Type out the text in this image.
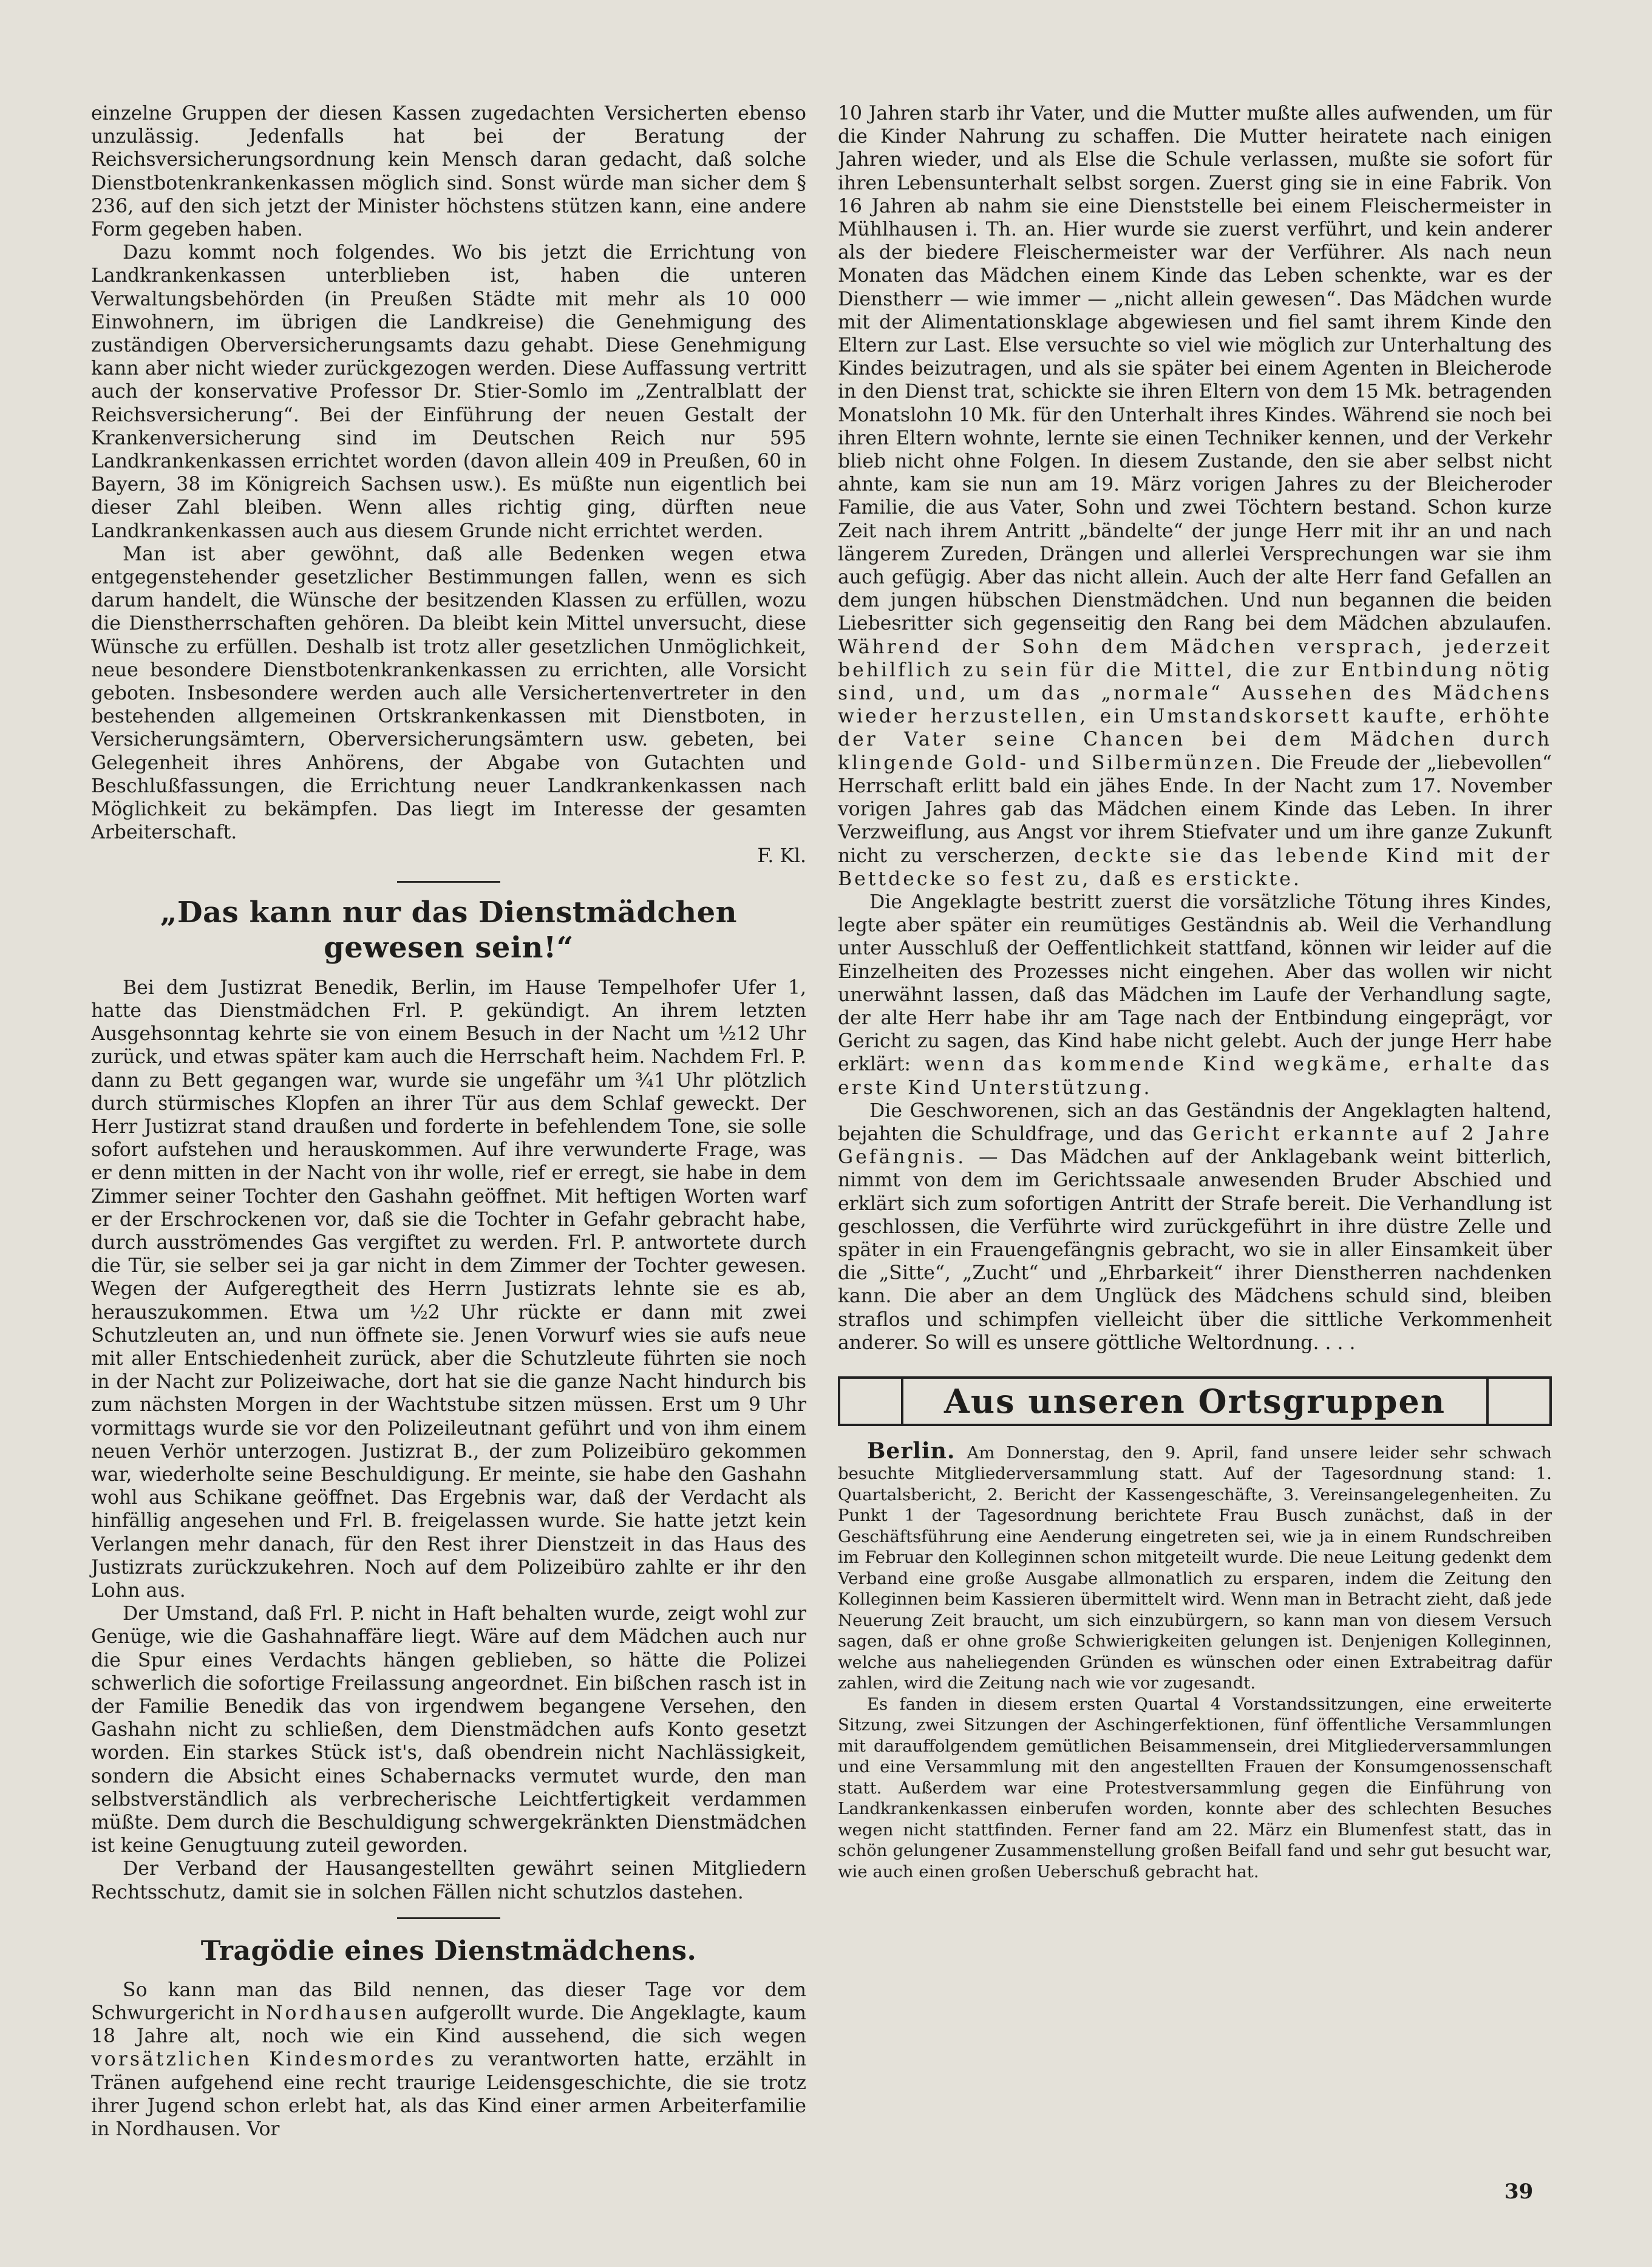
einzelne Gruppen der diesen Kassen zugedachten Versicherten ebenso unzulässig. Jedenfalls hat bei der Beratung der Reichsversicherungsordnung kein Mensch daran gedacht, daß solche Dienstbotenkrankenkassen möglich sind. Sonst würde man sicher dem § 236, auf den sich jetzt der Minister höchstens stützen kann, eine andere Form gegeben haben.

Dazu kommt noch folgendes. Wo bis jetzt die Errichtung von Landkrankenkassen unterblieben ist, haben die unteren Verwaltungsbehörden (in Preußen Städte mit mehr als 10 000 Einwohnern, im übrigen die Landkreise) die Genehmigung des zuständigen Oberversicherungsamts dazu gehabt. Diese Genehmigung kann aber nicht wieder zurückgezogen werden. Diese Auffassung vertritt auch der konservative Professor Dr. Stier-Somlo im „Zentralblatt der Reichsversicherung“. Bei der Einführung der neuen Gestalt der Krankenversicherung sind im Deutschen Reich nur 595 Landkrankenkassen errichtet worden (davon allein 409 in Preußen, 60 in Bayern, 38 im Königreich Sachsen usw.). Es müßte nun eigentlich bei dieser Zahl bleiben. Wenn alles richtig ging, dürften neue Landkrankenkassen auch aus diesem Grunde nicht errichtet werden.

Man ist aber gewöhnt, daß alle Bedenken wegen etwa entgegenstehender gesetzlicher Bestimmungen fallen, wenn es sich darum handelt, die Wünsche der besitzenden Klassen zu erfüllen, wozu die Dienstherrschaften gehören. Da bleibt kein Mittel unversucht, diese Wünsche zu erfüllen. Deshalb ist trotz aller gesetzlichen Unmöglichkeit, neue besondere Dienstbotenkrankenkassen zu errichten, alle Vorsicht geboten. Insbesondere werden auch alle Versichertenvertreter in den bestehenden allgemeinen Ortskrankenkassen mit Dienstboten, in Versicherungsämtern, Oberversicherungsämtern usw. gebeten, bei Gelegenheit ihres Anhörens, der Abgabe von Gutachten und Beschlußfassungen, die Errichtung neuer Landkrankenkassen nach Möglichkeit zu bekämpfen. Das liegt im Interesse der gesamten Arbeiterschaft.
F. Kl.

„Das kann nur das Dienstmädchen gewesen sein!“

Bei dem Justizrat Benedik, Berlin, im Hause Tempelhofer Ufer 1, hatte das Dienstmädchen Frl. P. gekündigt. An ihrem letzten Ausgehsonntag kehrte sie von einem Besuch in der Nacht um ½12 Uhr zurück, und etwas später kam auch die Herrschaft heim. Nachdem Frl. P. dann zu Bett gegangen war, wurde sie ungefähr um ¾1 Uhr plötzlich durch stürmisches Klopfen an ihrer Tür aus dem Schlaf geweckt. Der Herr Justizrat stand draußen und forderte in befehlendem Tone, sie solle sofort aufstehen und herauskommen. Auf ihre verwunderte Frage, was er denn mitten in der Nacht von ihr wolle, rief er erregt, sie habe in dem Zimmer seiner Tochter den Gashahn geöffnet. Mit heftigen Worten warf er der Erschrockenen vor, daß sie die Tochter in Gefahr gebracht habe, durch ausströmendes Gas vergiftet zu werden. Frl. P. antwortete durch die Tür, sie selber sei ja gar nicht in dem Zimmer der Tochter gewesen. Wegen der Aufgeregtheit des Herrn Justizrats lehnte sie es ab, herauszukommen. Etwa um ½2 Uhr rückte er dann mit zwei Schutzleuten an, und nun öffnete sie. Jenen Vorwurf wies sie aufs neue mit aller Entschiedenheit zurück, aber die Schutzleute führten sie noch in der Nacht zur Polizeiwache, dort hat sie die ganze Nacht hindurch bis zum nächsten Morgen in der Wachtstube sitzen müssen. Erst um 9 Uhr vormittags wurde sie vor den Polizeileutnant geführt und von ihm einem neuen Verhör unterzogen. Justizrat B., der zum Polizeibüro gekommen war, wiederholte seine Beschuldigung. Er meinte, sie habe den Gashahn wohl aus Schikane geöffnet. Das Ergebnis war, daß der Verdacht als hinfällig angesehen und Frl. B. freigelassen wurde. Sie hatte jetzt kein Verlangen mehr danach, für den Rest ihrer Dienstzeit in das Haus des Justizrats zurückzukehren. Noch auf dem Polizeibüro zahlte er ihr den Lohn aus.

Der Umstand, daß Frl. P. nicht in Haft behalten wurde, zeigt wohl zur Genüge, wie die Gashahnaffäre liegt. Wäre auf dem Mädchen auch nur die Spur eines Verdachts hängen geblieben, so hätte die Polizei schwerlich die sofortige Freilassung angeordnet. Ein bißchen rasch ist in der Familie Benedik das von irgendwem begangene Versehen, den Gashahn nicht zu schließen, dem Dienstmädchen aufs Konto gesetzt worden. Ein starkes Stück ist's, daß obendrein nicht Nachlässigkeit, sondern die Absicht eines Schabernacks vermutet wurde, den man selbstverständlich als verbrecherische Leichtfertigkeit verdammen müßte. Dem durch die Beschuldigung schwergekränkten Dienstmädchen ist keine Genugtuung zuteil geworden.

Der Verband der Hausangestellten gewährt seinen Mitgliedern Rechtsschutz, damit sie in solchen Fällen nicht schutzlos dastehen.

Tragödie eines Dienstmädchens.

So kann man das Bild nennen, das dieser Tage vor dem Schwurgericht in Nordhausen aufgerollt wurde. Die Angeklagte, kaum 18 Jahre alt, noch wie ein Kind aussehend, die sich wegen vorsätzlichen Kindesmordes zu verantworten hatte, erzählt in Tränen aufgehend eine recht traurige Leidensgeschichte, die sie trotz ihrer Jugend schon erlebt hat, als das Kind einer armen Arbeiterfamilie in Nordhausen. Vor

10 Jahren starb ihr Vater, und die Mutter mußte alles aufwenden, um für die Kinder Nahrung zu schaffen. Die Mutter heiratete nach einigen Jahren wieder, und als Else die Schule verlassen, mußte sie sofort für ihren Lebensunterhalt selbst sorgen. Zuerst ging sie in eine Fabrik. Von 16 Jahren ab nahm sie eine Dienststelle bei einem Fleischermeister in Mühlhausen i. Th. an. Hier wurde sie zuerst verführt, und kein anderer als der biedere Fleischermeister war der Verführer. Als nach neun Monaten das Mädchen einem Kinde das Leben schenkte, war es der Dienstherr — wie immer — „nicht allein gewesen“. Das Mädchen wurde mit der Alimentationsklage abgewiesen und fiel samt ihrem Kinde den Eltern zur Last. Else versuchte so viel wie möglich zur Unterhaltung des Kindes beizutragen, und als sie später bei einem Agenten in Bleicherode in den Dienst trat, schickte sie ihren Eltern von dem 15 Mk. betragenden Monatslohn 10 Mk. für den Unterhalt ihres Kindes. Während sie noch bei ihren Eltern wohnte, lernte sie einen Techniker kennen, und der Verkehr blieb nicht ohne Folgen. In diesem Zustande, den sie aber selbst nicht ahnte, kam sie nun am 19. März vorigen Jahres zu der Bleicheroder Familie, die aus Vater, Sohn und zwei Töchtern bestand. Schon kurze Zeit nach ihrem Antritt „bändelte“ der junge Herr mit ihr an und nach längerem Zureden, Drängen und allerlei Versprechungen war sie ihm auch gefügig. Aber das nicht allein. Auch der alte Herr fand Gefallen an dem jungen hübschen Dienstmädchen. Und nun begannen die beiden Liebesritter sich gegenseitig den Rang bei dem Mädchen abzulaufen. Während der Sohn dem Mädchen versprach, jederzeit behilflich zu sein für die Mittel, die zur Entbindung nötig sind, und, um das „normale“ Aussehen des Mädchens wieder herzustellen, ein Umstandskorsett kaufte, erhöhte der Vater seine Chancen bei dem Mädchen durch klingende Gold- und Silbermünzen. Die Freude der „liebevollen“ Herrschaft erlitt bald ein jähes Ende. In der Nacht zum 17. November vorigen Jahres gab das Mädchen einem Kinde das Leben. In ihrer Verzweiflung, aus Angst vor ihrem Stiefvater und um ihre ganze Zukunft nicht zu verscherzen, deckte sie das lebende Kind mit der Bettdecke so fest zu, daß es erstickte.

Die Angeklagte bestritt zuerst die vorsätzliche Tötung ihres Kindes, legte aber später ein reumütiges Geständnis ab. Weil die Verhandlung unter Ausschluß der Oeffentlichkeit stattfand, können wir leider auf die Einzelheiten des Prozesses nicht eingehen. Aber das wollen wir nicht unerwähnt lassen, daß das Mädchen im Laufe der Verhandlung sagte, der alte Herr habe ihr am Tage nach der Entbindung eingeprägt, vor Gericht zu sagen, das Kind habe nicht gelebt. Auch der junge Herr habe erklärt: wenn das kommende Kind wegkäme, erhalte das erste Kind Unterstützung.

Die Geschworenen, sich an das Geständnis der Angeklagten haltend, bejahten die Schuldfrage, und das Gericht erkannte auf 2 Jahre Gefängnis. — Das Mädchen auf der Anklagebank weint bitterlich, nimmt von dem im Gerichtssaale anwesenden Bruder Abschied und erklärt sich zum sofortigen Antritt der Strafe bereit. Die Verhandlung ist geschlossen, die Verführte wird zurückgeführt in ihre düstre Zelle und später in ein Frauengefängnis gebracht, wo sie in aller Einsamkeit über die „Sitte“, „Zucht“ und „Ehrbarkeit“ ihrer Dienstherren nachdenken kann. Die aber an dem Unglück des Mädchens schuld sind, bleiben straflos und schimpfen vielleicht über die sittliche Verkommenheit anderer. So will es unsere göttliche Weltordnung. . . .

Aus unseren Ortsgruppen

Berlin. Am Donnerstag, den 9. April, fand unsere leider sehr schwach besuchte Mitgliederversammlung statt. Auf der Tagesordnung stand: 1. Quartalsbericht, 2. Bericht der Kassengeschäfte, 3. Vereinsangelegenheiten. Zu Punkt 1 der Tagesordnung berichtete Frau Busch zunächst, daß in der Geschäftsführung eine Aenderung eingetreten sei, wie ja in einem Rundschreiben im Februar den Kolleginnen schon mitgeteilt wurde. Die neue Leitung gedenkt dem Verband eine große Ausgabe allmonatlich zu ersparen, indem die Zeitung den Kolleginnen beim Kassieren übermittelt wird. Wenn man in Betracht zieht, daß jede Neuerung Zeit braucht, um sich einzubürgern, so kann man von diesem Versuch sagen, daß er ohne große Schwierigkeiten gelungen ist. Denjenigen Kolleginnen, welche aus naheliegenden Gründen es wünschen oder einen Extrabeitrag dafür zahlen, wird die Zeitung nach wie vor zugesandt.

Es fanden in diesem ersten Quartal 4 Vorstandssitzungen, eine erweiterte Sitzung, zwei Sitzungen der Aschingerfektionen, fünf öffentliche Versammlungen mit darauffolgendem gemütlichen Beisammensein, drei Mitgliederversammlungen und eine Versammlung mit den angestellten Frauen der Konsumgenossenschaft statt. Außerdem war eine Protestversammlung gegen die Einführung von Landkrankenkassen einberufen worden, konnte aber des schlechten Besuches wegen nicht stattfinden. Ferner fand am 22. März ein Blumenfest statt, das in schön gelungener Zusammenstellung großen Beifall fand und sehr gut besucht war, wie auch einen großen Ueberschuß gebracht hat.

39
